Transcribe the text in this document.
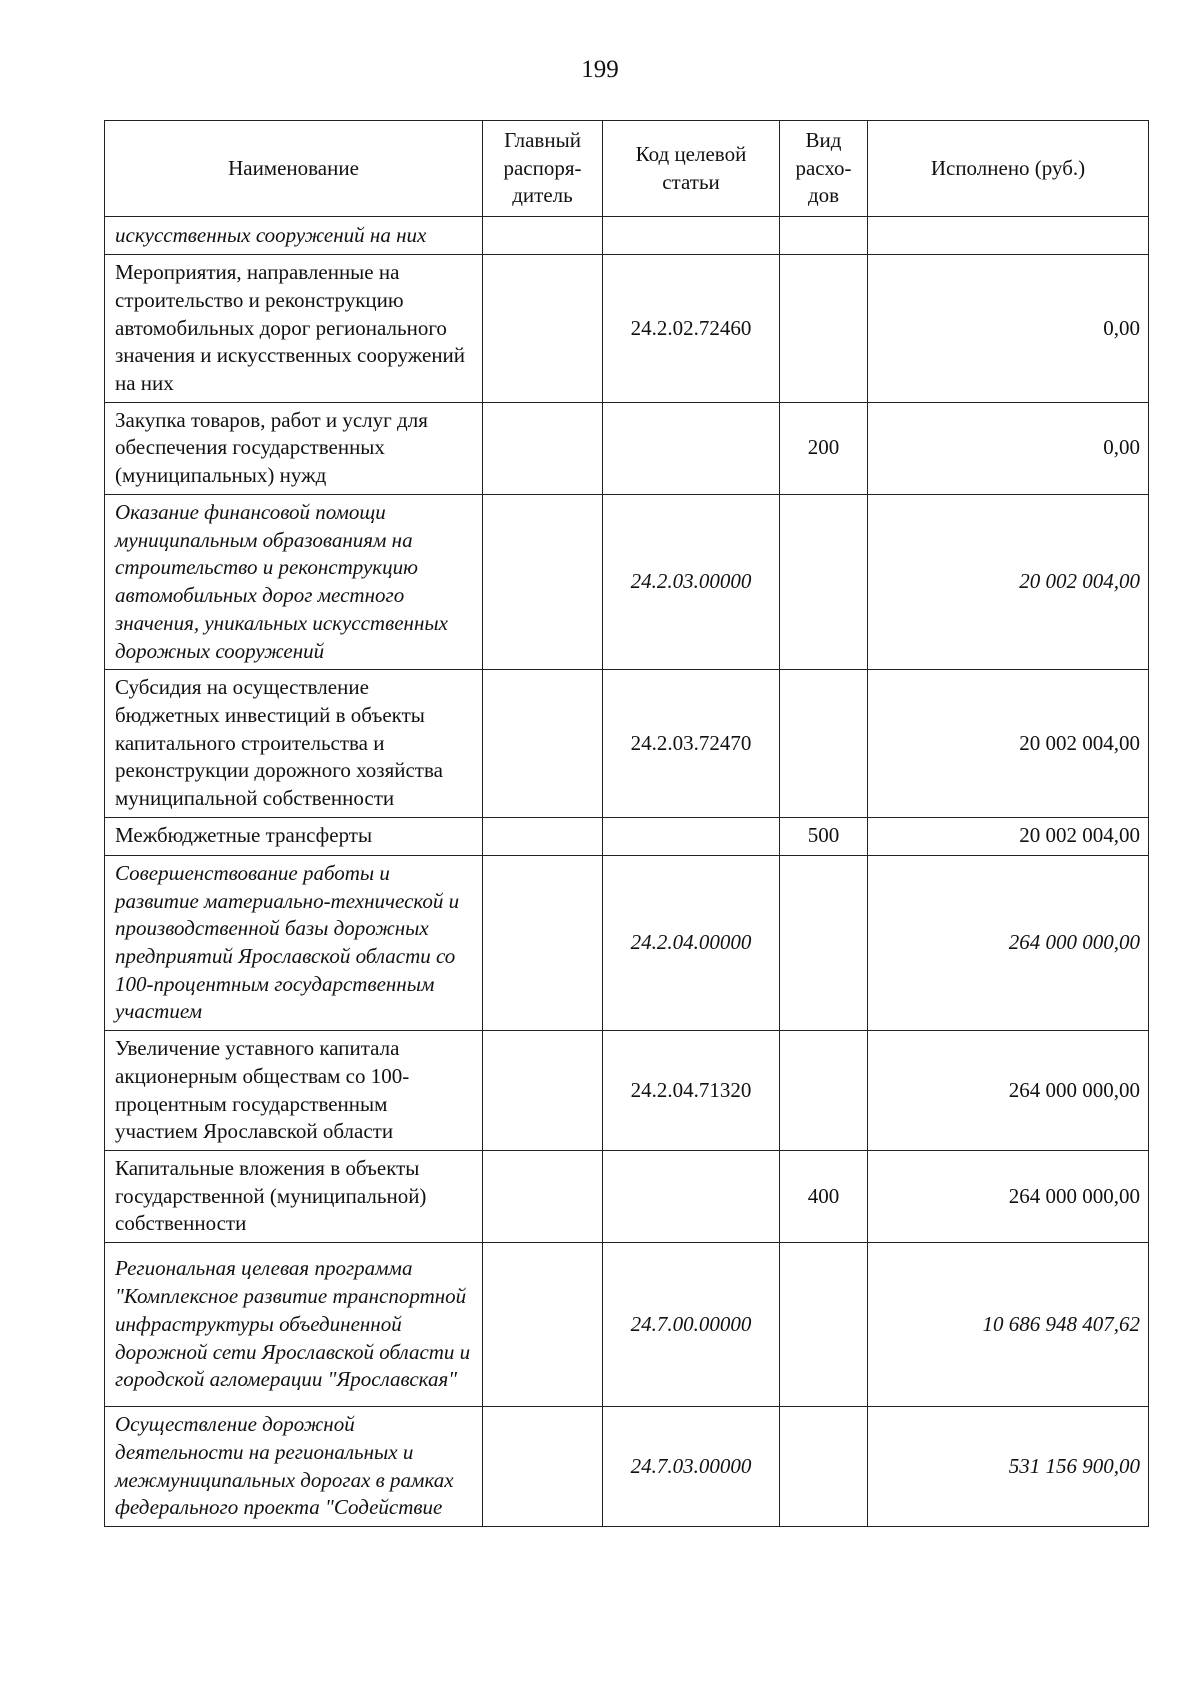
199
Наименование	Главный распоря-дитель	Код целевой статьи	Вид расхо-дов	Исполнено (руб.)
искусственных сооружений на них				
Мероприятия, направленные на строительство и реконструкцию автомобильных дорог регионального значения и искусственных сооружений на них		24.2.02.72460		0,00
Закупка товаров, работ и услуг для обеспечения государственных (муниципальных) нужд			200	0,00
Оказание финансовой помощи муниципальным образованиям на строительство и реконструкцию автомобильных дорог местного значения, уникальных искусственных дорожных сооружений		24.2.03.00000		20 002 004,00
Субсидия на осуществление бюджетных инвестиций в объекты капитального строительства и реконструкции дорожного хозяйства муниципальной собственности		24.2.03.72470		20 002 004,00
Межбюджетные трансферты			500	20 002 004,00
Совершенствование работы и развитие материально-технической и производственной базы дорожных предприятий Ярославской области со 100-процентным государственным участием		24.2.04.00000		264 000 000,00
Увеличение уставного капитала акционерным обществам со 100-процентным государственным участием Ярославской области		24.2.04.71320		264 000 000,00
Капитальные вложения в объекты государственной (муниципальной) собственности			400	264 000 000,00
Региональная целевая программа "Комплексное развитие транспортной инфраструктуры объединенной дорожной сети Ярославской области и городской агломерации "Ярославская"		24.7.00.00000		10 686 948 407,62
Осуществление дорожной деятельности на региональных и межмуниципальных дорогах в рамках федерального проекта "Содействие		24.7.03.00000		531 156 900,00
